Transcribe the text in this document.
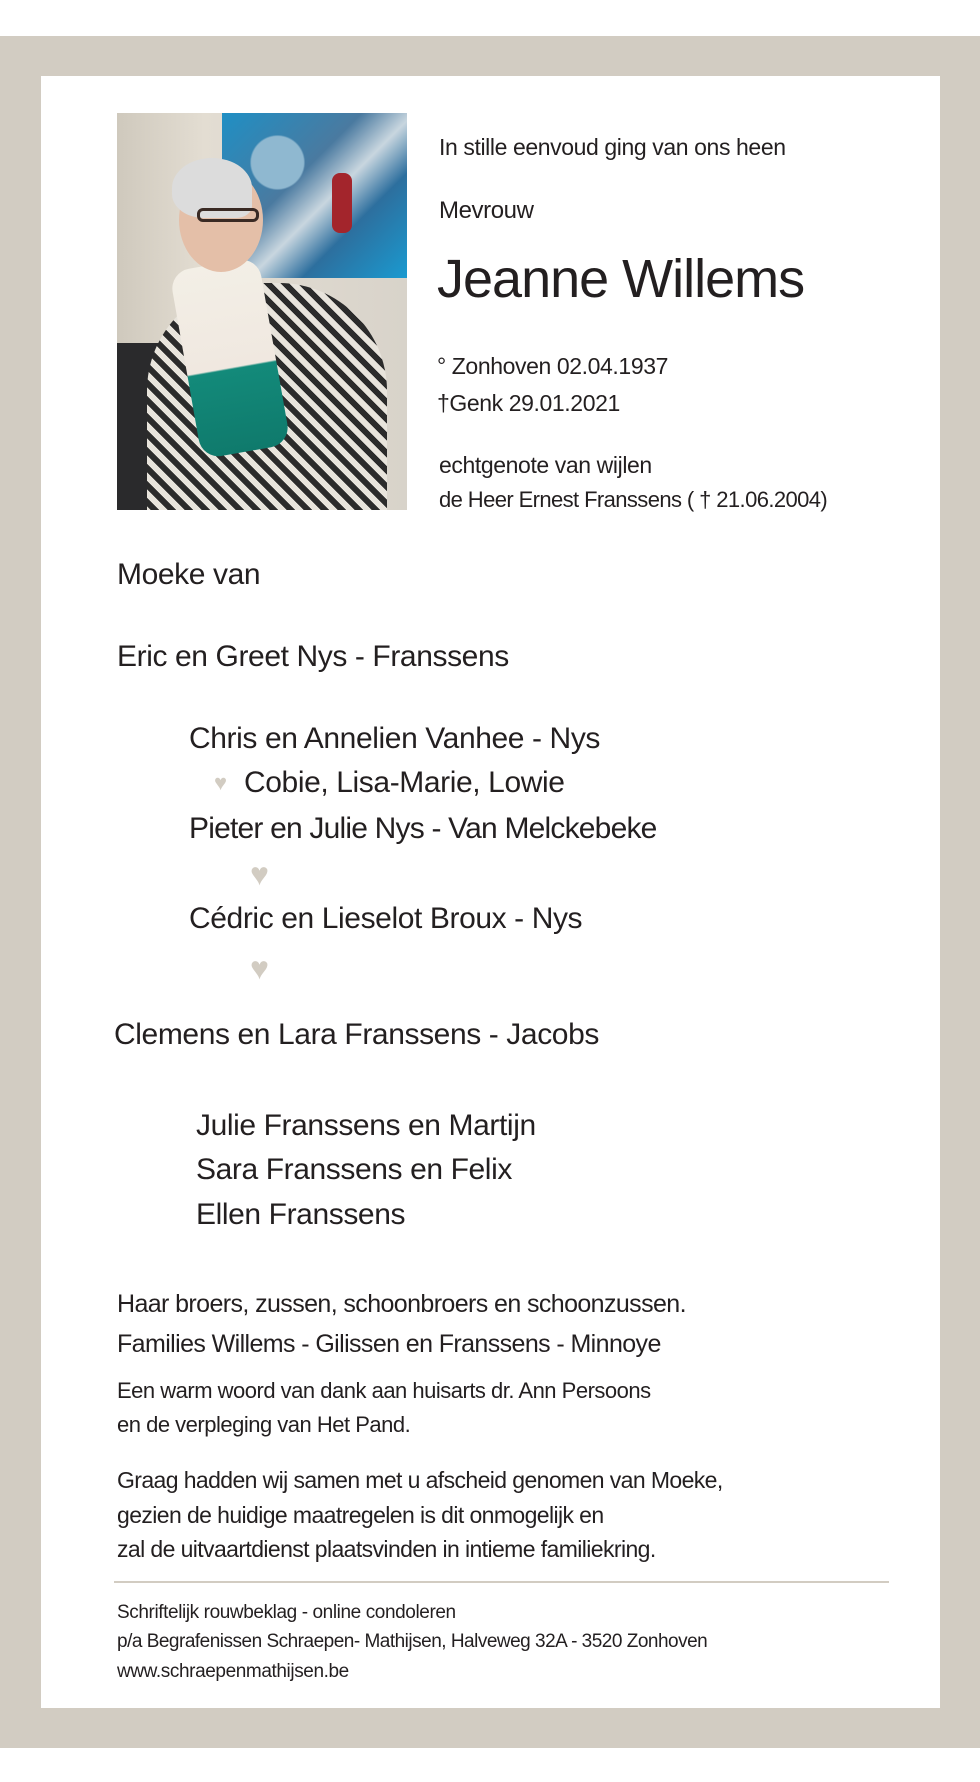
In stille eenvoud ging van ons heen
Mevrouw
Jeanne Willems
° Zonhoven 02.04.1937
†Genk 29.01.2021
echtgenote van wijlen
de Heer Ernest Franssens ( † 21.06.2004)
Moeke van
Eric en Greet Nys - Franssens
Chris en Annelien Vanhee - Nys
♥ Cobie, Lisa-Marie, Lowie
Pieter en Julie Nys - Van Melckebeke
♥
Cédric en Lieselot Broux - Nys
♥
Clemens en Lara Franssens - Jacobs
Julie Franssens en Martijn
Sara Franssens en Felix
Ellen Franssens
Haar broers, zussen, schoonbroers en schoonzussen.
Families Willems - Gilissen en Franssens - Minnoye
Een warm woord van dank aan huisarts dr. Ann Persoons
en de verpleging van Het Pand.
Graag hadden wij samen met u afscheid genomen van Moeke,
gezien de huidige maatregelen is dit onmogelijk en
zal de uitvaartdienst plaatsvinden in intieme familiekring.
Schriftelijk rouwbeklag - online condoleren
p/a Begrafenissen Schraepen- Mathijsen, Halveweg 32A - 3520 Zonhoven
www.schraepenmathijsen.be
